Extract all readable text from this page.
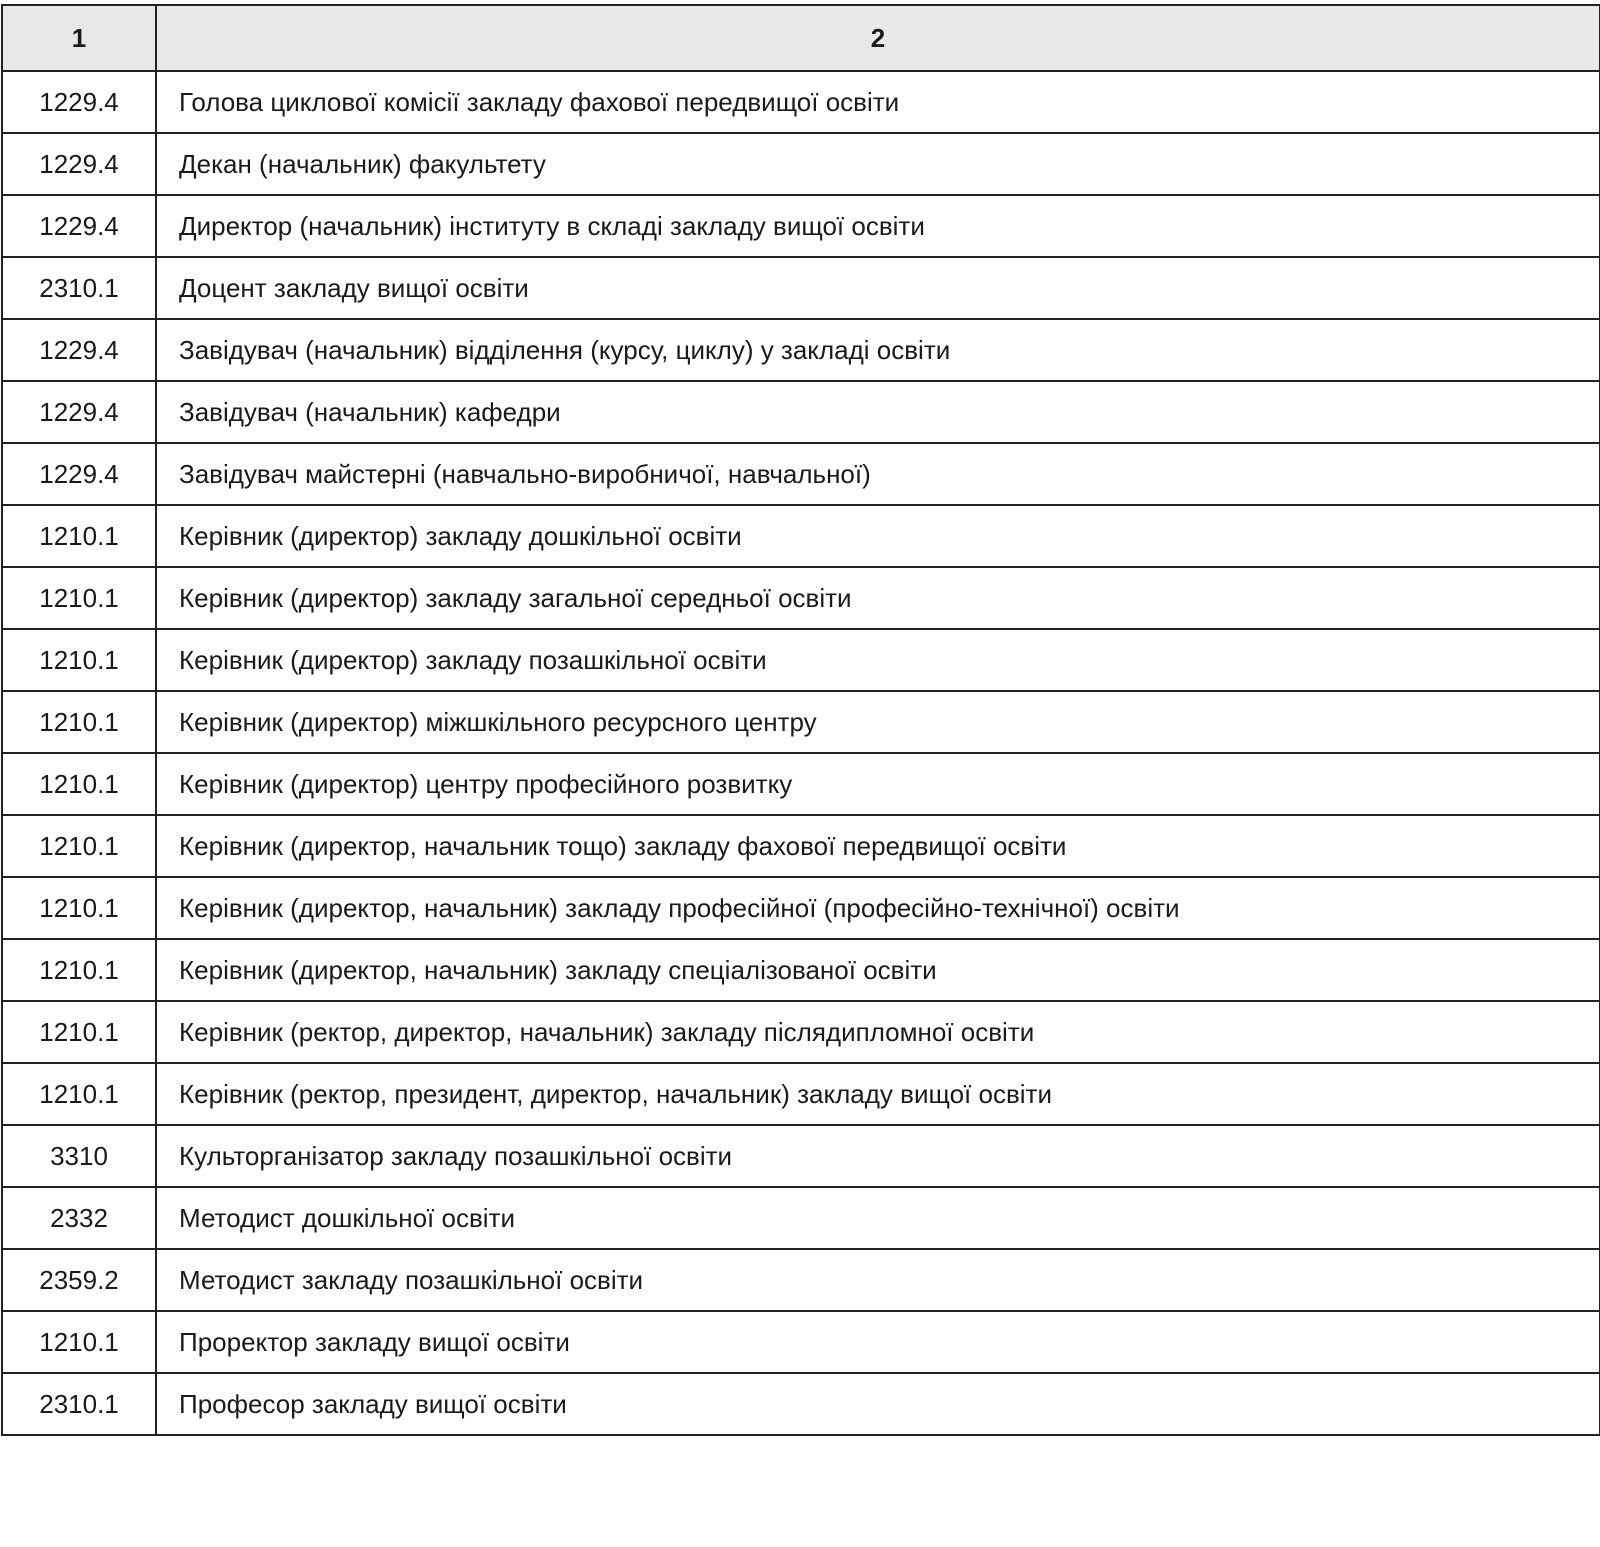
1	2
1229.4	Голова циклової комісії закладу фахової передвищої освіти
1229.4	Декан (начальник) факультету
1229.4	Директор (начальник) інституту в складі закладу вищої освіти
2310.1	Доцент закладу вищої освіти
1229.4	Завідувач (начальник) відділення (курсу, циклу) у закладі освіти
1229.4	Завідувач (начальник) кафедри
1229.4	Завідувач майстерні (навчально-виробничої, навчальної)
1210.1	Керівник (директор) закладу дошкільної освіти
1210.1	Керівник (директор) закладу загальної середньої освіти
1210.1	Керівник (директор) закладу позашкільної освіти
1210.1	Керівник (директор) міжшкільного ресурсного центру
1210.1	Керівник (директор) центру професійного розвитку
1210.1	Керівник (директор, начальник тощо) закладу фахової передвищої освіти
1210.1	Керівник (директор, начальник) закладу професійної (професійно-технічної) освіти
1210.1	Керівник (директор, начальник) закладу спеціалізованої освіти
1210.1	Керівник (ректор, директор, начальник) закладу післядипломної освіти
1210.1	Керівник (ректор, президент, директор, начальник) закладу вищої освіти
3310	Культорганізатор закладу позашкільної освіти
2332	Методист дошкільної освіти
2359.2	Методист закладу позашкільної освіти
1210.1	Проректор закладу вищої освіти
2310.1	Професор закладу вищої освіти
